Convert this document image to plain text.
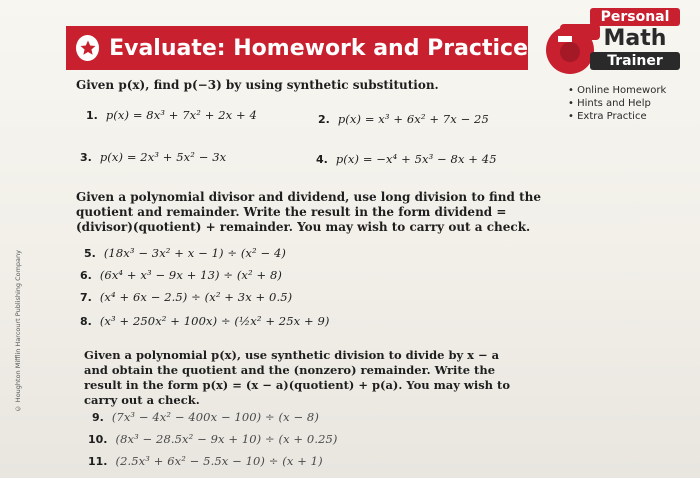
Evaluate: Homework and Practice
Personal
Math
Trainer
• Online Homework
• Hints and Help
• Extra Practice
Given p(x), find p(−3) by using synthetic substitution.
1. p(x) = 8x³ + 7x² + 2x + 4	2. p(x) = x³ + 6x² + 7x − 25
3. p(x) = 2x³ + 5x² − 3x	4. p(x) = −x⁴ + 5x³ − 8x + 45
Given a polynomial divisor and dividend, use long division to find the quotient and remainder. Write the result in the form dividend = (divisor)(quotient) + remainder. You may wish to carry out a check.
5. (18x³ − 3x² + x − 1) ÷ (x² − 4)
6. (6x⁴ + x³ − 9x + 13) ÷ (x² + 8)
7. (x⁴ + 6x − 2.5) ÷ (x² + 3x + 0.5)
8. (x³ + 250x² + 100x) ÷ (½x² + 25x + 9)
Given a polynomial p(x), use synthetic division to divide by x − a and obtain the quotient and the (nonzero) remainder. Write the result in the form p(x) = (x − a)(quotient) + p(a). You may wish to carry out a check.
9. (7x³ − 4x² − 400x − 100) ÷ (x − 8)
10. (8x³ − 28.5x² − 9x + 10) ÷ (x + 0.25)
11. (2.5x³ + 6x² − 5.5x − 10) ÷ (x + 1)
© Houghton Mifflin Harcourt Publishing Company
